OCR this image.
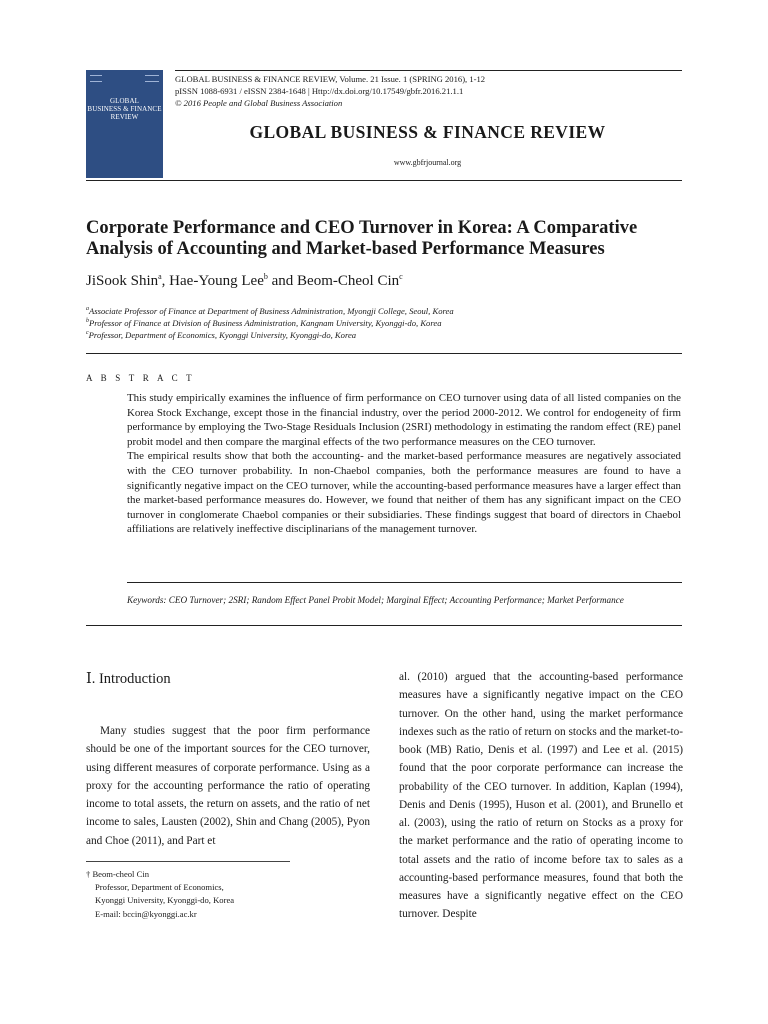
GLOBAL
BUSINESS & FINANCE
REVIEW
GLOBAL BUSINESS & FINANCE REVIEW, Volume. 21 Issue. 1 (SPRING 2016), 1-12
pISSN 1088-6931 / eISSN 2384-1648 | Http://dx.doi.org/10.17549/gbfr.2016.21.1.1
© 2016 People and Global Business Association
GLOBAL BUSINESS & FINANCE REVIEW
www.gbfrjournal.org
Corporate Performance and CEO Turnover in Korea: A Comparative
Analysis of Accounting and Market-based Performance Measures
JiSook Shin$^a$, Hae-Young Lee$^b$ and Beom-Cheol Cin$^c$
$^a$Associate Professor of Finance at Department of Business Administration, Myongji College, Seoul, Korea
$^b$Professor of Finance at Division of Business Administration, Kangnam University, Kyonggi-do, Korea
$^c$Professor, Department of Economics, Kyonggi University, Kyonggi-do, Korea
A B S T R A C T

This study empirically examines the influence of firm performance on CEO turnover using data of all listed companies on the Korea Stock Exchange, except those in the financial industry, over the period 2000-2012. We control for endogeneity of firm performance by employing the Two-Stage Residuals Inclusion (2SRI) methodology in estimating the random effect (RE) panel probit model and then compare the marginal effects of the two performance measures on the CEO turnover.

The empirical results show that both the accounting- and the market-based performance measures are negatively associated with the CEO turnover probability. In non-Chaebol companies, both the performance measures are found to have a significantly negative impact on the CEO turnover, while the accounting-based performance measures have a larger effect than the market-based performance measures do. However, we found that neither of them has any significant impact on the CEO turnover in conglomerate Chaebol companies or their subsidiaries. These findings suggest that board of directors in Chaebol affiliations are relatively ineffective disciplinarians of the management turnover.

Keywords: CEO Turnover; 2SRI; Random Effect Panel Probit Model; Marginal Effect; Accounting Performance; Market Performance
Ⅰ. Introduction

Many studies suggest that the poor firm performance should be one of the important sources for the CEO turnover, using different measures of corporate performance. Using as a proxy for the accounting performance the ratio of operating income to total assets, the return on assets, and the ratio of net income to sales, Lausten (2002), Shin and Chang (2005), Pyon and Choe (2011), and Part et

al. (2010) argued that the accounting-based performance measures have a significantly negative impact on the CEO turnover. On the other hand, using the market performance indexes such as the ratio of return on stocks and the market-to-book (MB) Ratio, Denis et al. (1997) and Lee et al. (2015) found that the poor corporate performance can increase the probability of the CEO turnover. In addition, Kaplan (1994), Denis and Denis (1995), Huson et al. (2001), and Brunello et al. (2003), using the ratio of return on Stocks as a proxy for the market performance and the ratio of operating income to total assets and the ratio of income before tax to sales as a accounting-based performance measures, found that both the measures have a significantly negative effect on the CEO turnover. Despite

† Beom-cheol Cin
Professor, Department of Economics,
Kyonggi University, Kyonggi-do, Korea
E-mail: bccin@kyonggi.ac.kr
